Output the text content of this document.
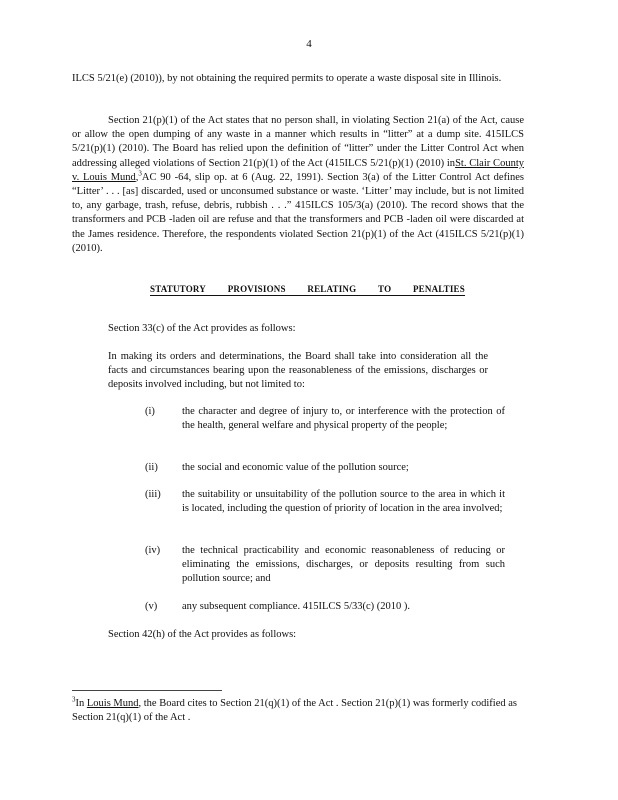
4
ILCS 5/21(e) (2010)), by not obtaining the required permits to operate a waste disposal site in Illinois.
Section 21(p)(1) of the Act states that no person shall, in violating Section 21(a) of the Act, cause or allow the open dumping of any waste in a manner which results in “litter” at a dump site. 415ILCS 5/21(p)(1) (2010). The Board has relied upon the definition of “litter” under the Litter Control Act when addressing alleged violations of Section 21(p)(1) of the Act (415ILCS 5/21(p)(1) (2010) inSt. Clair County v. Louis Mund,$^3$AC 90 -64, slip op. at 6 (Aug. 22, 1991). Section 3(a) of the Litter Control Act defines “Litter’ . . . [as] discarded, used or unconsumed substance or waste. ‘Litter’ may include, but is not limited to, any garbage, trash, refuse, debris, rubbish . . .” 415ILCS 105/3(a) (2010). The record shows that the transformers and PCB -laden oil are refuse and that the transformers and PCB -laden oil were discarded at the James residence. Therefore, the respondents violated Section 21(p)(1) of the Act (415ILCS 5/21(p)(1) (2010).
STATUTORY PROVISIONS RELATING TO PENALTIES
Section 33(c) of the Act provides as follows:
In making its orders and determinations, the Board shall take into consideration all the facts and circumstances bearing upon the reasonableness of the emissions, discharges or deposits involved including, but not limited to:
(i)	the character and degree of injury to, or interference with the protection of the health, general welfare and physical property of the people;
(ii)	the social and economic value of the pollution source;
(iii)	the suitability or unsuitability of the pollution source to the area in which it is located, including the question of priority of location in the area involved;
(iv)	the technical practicability and economic reasonableness of reducing or eliminating the emissions, discharges, or deposits resulting from such pollution source; and
(v)	any subsequent compliance. 415ILCS 5/33(c) (2010 ).
Section 42(h) of the Act provides as follows:
$^3$In Louis Mund, the Board cites to Section 21(q)(1) of the Act . Section 21(p)(1) was formerly codified as Section 21(q)(1) of the Act .
